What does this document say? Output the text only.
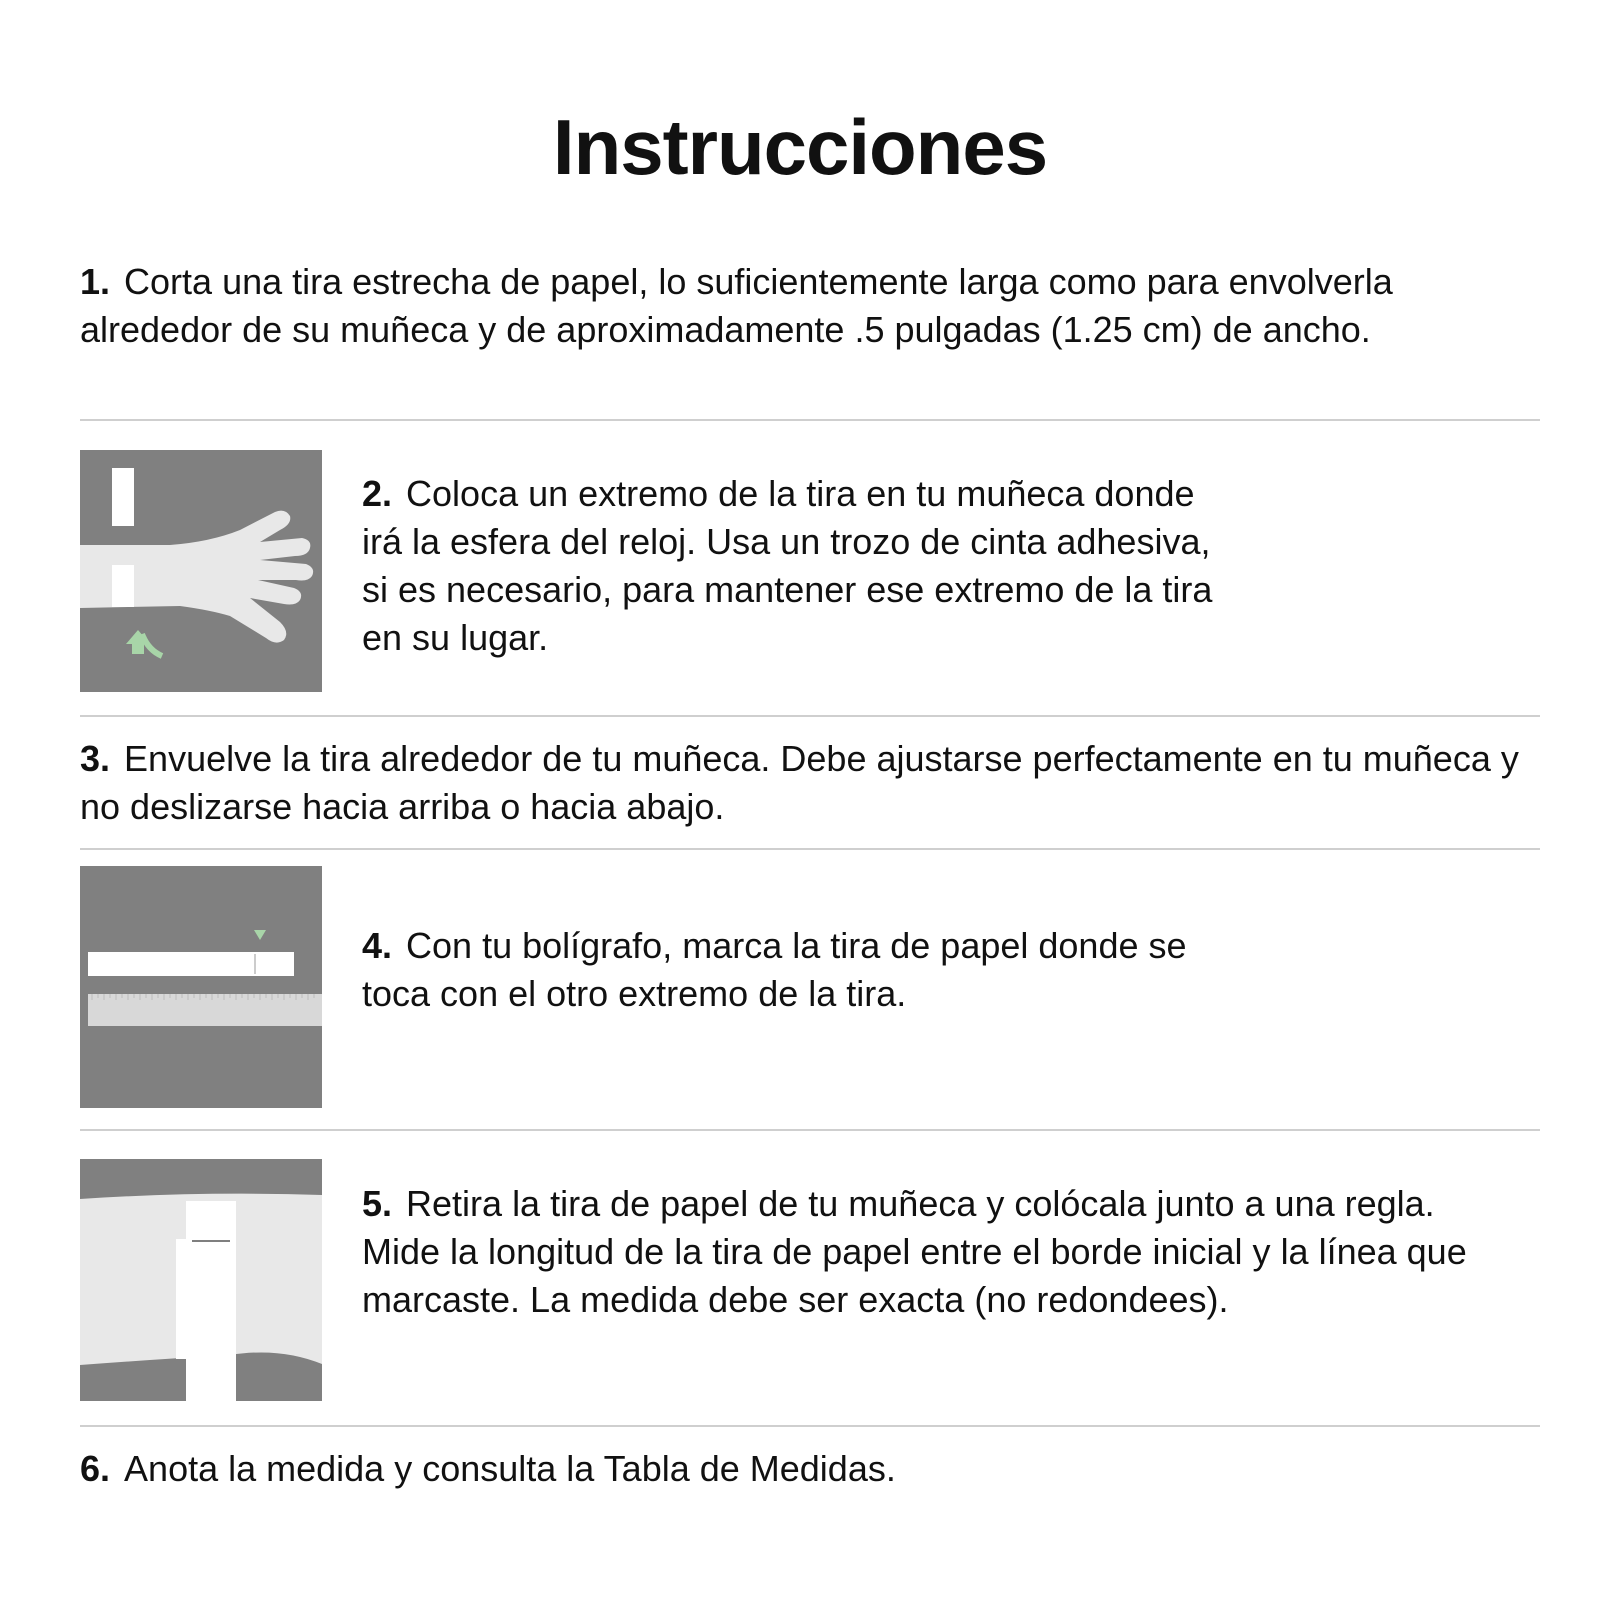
Instrucciones

1. Corta una tira estrecha de papel, lo suficientemente larga como para envolverla alrededor de su muñeca y de aproximadamente .5 pulgadas (1.25 cm) de ancho.

2. Coloca un extremo de la tira en tu muñeca donde irá la esfera del reloj. Usa un trozo de cinta adhesiva, si es necesario, para mantener ese extremo de la tira en su lugar.

3. Envuelve la tira alrededor de tu muñeca. Debe ajustarse perfectamente en tu muñeca y no deslizarse hacia arriba o hacia abajo.

4. Con tu bolígrafo, marca la tira de papel donde se toca con el otro extremo de la tira.

5. Retira la tira de papel de tu muñeca y colócala junto a una regla. Mide la longitud de la tira de papel entre el borde inicial y la línea que marcaste. La medida debe ser exacta (no redondees).

6. Anota la medida y consulta la Tabla de Medidas.
